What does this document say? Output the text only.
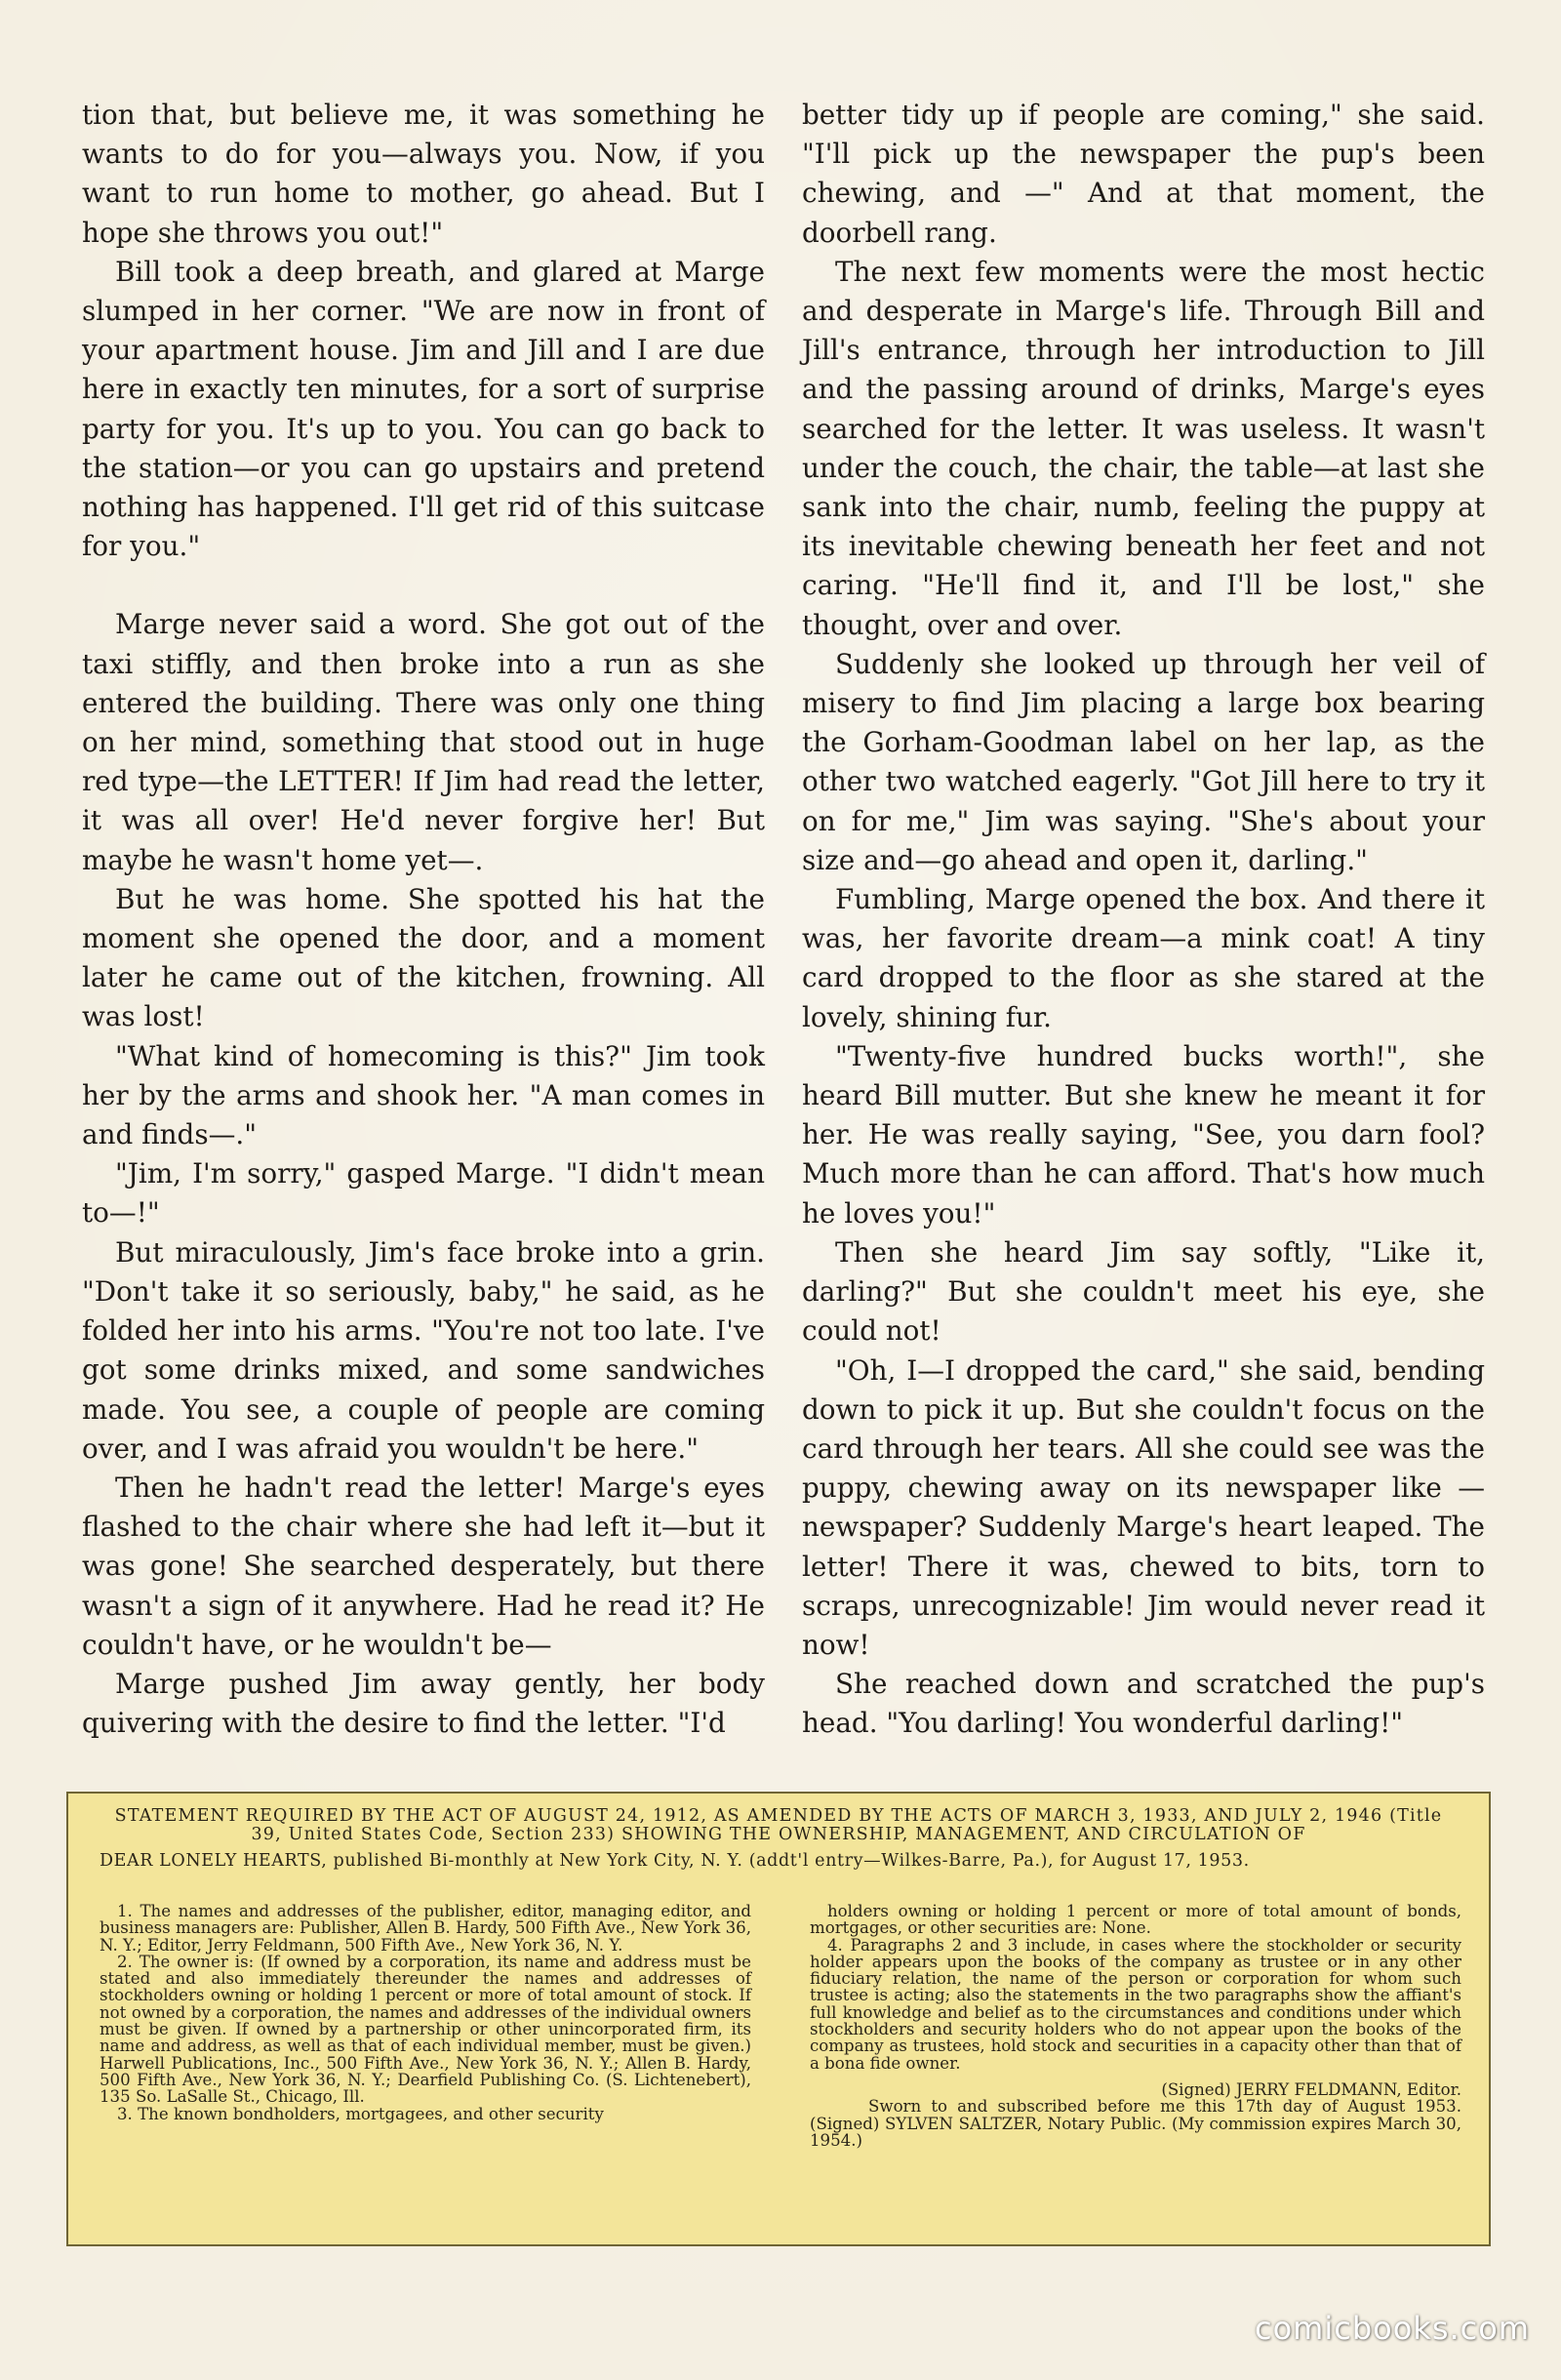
tion that, but believe me, it was something he wants to do for you—always you. Now, if you want to run home to mother, go ahead. But I hope she throws you out!"

Bill took a deep breath, and glared at Marge slumped in her corner. "We are now in front of your apartment house. Jim and Jill and I are due here in exactly ten minutes, for a sort of surprise party for you. It's up to you. You can go back to the station—or you can go upstairs and pretend nothing has happened. I'll get rid of this suitcase for you."

Marge never said a word. She got out of the taxi stiffly, and then broke into a run as she entered the building. There was only one thing on her mind, something that stood out in huge red type—the LETTER! If Jim had read the letter, it was all over! He'd never forgive her! But maybe he wasn't home yet—.

But he was home. She spotted his hat the moment she opened the door, and a moment later he came out of the kitchen, frowning. All was lost!

"What kind of homecoming is this?" Jim took her by the arms and shook her. "A man comes in and finds—."

"Jim, I'm sorry," gasped Marge. "I didn't mean to—!"

But miraculously, Jim's face broke into a grin. "Don't take it so seriously, baby," he said, as he folded her into his arms. "You're not too late. I've got some drinks mixed, and some sandwiches made. You see, a couple of people are coming over, and I was afraid you wouldn't be here."

Then he hadn't read the letter! Marge's eyes flashed to the chair where she had left it—but it was gone! She searched desperately, but there wasn't a sign of it anywhere. Had he read it? He couldn't have, or he wouldn't be—

Marge pushed Jim away gently, her body quivering with the desire to find the letter. "I'd

better tidy up if people are coming," she said. "I'll pick up the newspaper the pup's been chewing, and —" And at that moment, the doorbell rang.

The next few moments were the most hectic and desperate in Marge's life. Through Bill and Jill's entrance, through her introduction to Jill and the passing around of drinks, Marge's eyes searched for the letter. It was useless. It wasn't under the couch, the chair, the table—at last she sank into the chair, numb, feeling the puppy at its inevitable chewing beneath her feet and not caring. "He'll find it, and I'll be lost," she thought, over and over.

Suddenly she looked up through her veil of misery to find Jim placing a large box bearing the Gorham-Goodman label on her lap, as the other two watched eagerly. "Got Jill here to try it on for me," Jim was saying. "She's about your size and—go ahead and open it, darling."

Fumbling, Marge opened the box. And there it was, her favorite dream—a mink coat! A tiny card dropped to the floor as she stared at the lovely, shining fur.

"Twenty-five hundred bucks worth!", she heard Bill mutter. But she knew he meant it for her. He was really saying, "See, you darn fool? Much more than he can afford. That's how much he loves you!"

Then she heard Jim say softly, "Like it, darling?" But she couldn't meet his eye, she could not!

"Oh, I—I dropped the card," she said, bending down to pick it up. But she couldn't focus on the card through her tears. All she could see was the puppy, chewing away on its newspaper like — newspaper? Suddenly Marge's heart leaped. The letter! There it was, chewed to bits, torn to scraps, unrecognizable! Jim would never read it now!

She reached down and scratched the pup's head. "You darling! You wonderful darling!"

STATEMENT REQUIRED BY THE ACT OF AUGUST 24, 1912, AS AMENDED BY THE ACTS OF MARCH 3, 1933, AND JULY 2, 1946 (Title 39, United States Code, Section 233) SHOWING THE OWNERSHIP, MANAGEMENT, AND CIRCULATION OF

DEAR LONELY HEARTS, published Bi-monthly at New York City, N. Y. (addt'l entry—Wilkes-Barre, Pa.), for August 17, 1953.

1. The names and addresses of the publisher, editor, managing editor, and business managers are: Publisher, Allen B. Hardy, 500 Fifth Ave., New York 36, N. Y.; Editor, Jerry Feldmann, 500 Fifth Ave., New York 36, N. Y.

2. The owner is: (If owned by a corporation, its name and address must be stated and also immediately thereunder the names and addresses of stockholders owning or holding 1 percent or more of total amount of stock. If not owned by a corporation, the names and addresses of the individual owners must be given. If owned by a partnership or other unincorporated firm, its name and address, as well as that of each individual member, must be given.) Harwell Publications, Inc., 500 Fifth Ave., New York 36, N. Y.; Allen B. Hardy, 500 Fifth Ave., New York 36, N. Y.; Dearfield Publishing Co. (S. Lichtenebert), 135 So. LaSalle St., Chicago, Ill.

3. The known bondholders, mortgagees, and other security

holders owning or holding 1 percent or more of total amount of bonds, mortgages, or other securities are: None.

4. Paragraphs 2 and 3 include, in cases where the stockholder or security holder appears upon the books of the company as trustee or in any other fiduciary relation, the name of the person or corporation for whom such trustee is acting; also the statements in the two paragraphs show the affiant's full knowledge and belief as to the circumstances and conditions under which stockholders and security holders who do not appear upon the books of the company as trustees, hold stock and securities in a capacity other than that of a bona fide owner.

(Signed) JERRY FELDMANN, Editor.

Sworn to and subscribed before me this 17th day of August 1953. (Signed) SYLVEN SALTZER, Notary Public. (My commission expires March 30, 1954.)

comicbooks.com
